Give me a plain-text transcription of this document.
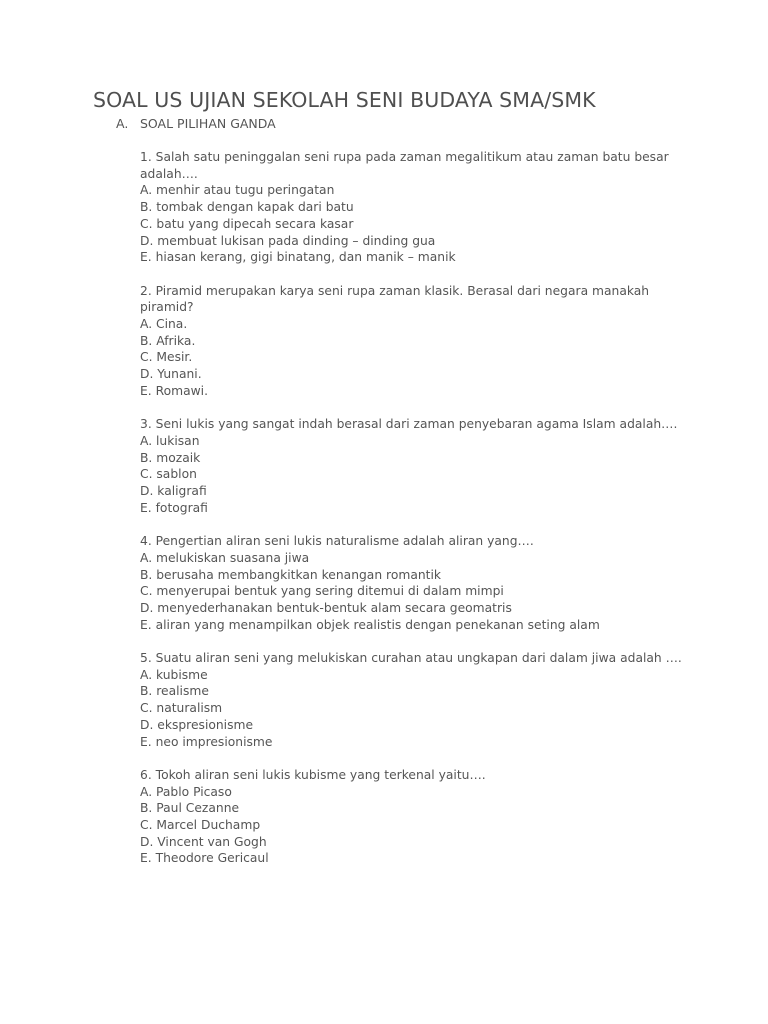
SOAL US UJIAN SEKOLAH SENI BUDAYA SMA/SMK
A. SOAL PILIHAN GANDA

1. Salah satu peninggalan seni rupa pada zaman megalitikum atau zaman batu besar adalah….

A. menhir atau tugu peringatan

B. tombak dengan kapak dari batu

C. batu yang dipecah secara kasar

D. membuat lukisan pada dinding – dinding gua

E. hiasan kerang, gigi binatang, dan manik – manik

2. Piramid merupakan karya seni rupa zaman klasik. Berasal dari negara manakah piramid?

A. Cina.

B. Afrika.

C. Mesir.

D. Yunani.

E. Romawi.

3. Seni lukis yang sangat indah berasal dari zaman penyebaran agama Islam adalah….

A. lukisan

B. mozaik

C. sablon

D. kaligrafi

E. fotografi

4. Pengertian aliran seni lukis naturalisme adalah aliran yang….

A. melukiskan suasana jiwa

B. berusaha membangkitkan kenangan romantik

C. menyerupai bentuk yang sering ditemui di dalam mimpi

D. menyederhanakan bentuk-bentuk alam secara geomatris

E. aliran yang menampilkan objek realistis dengan penekanan seting alam

5. Suatu aliran seni yang melukiskan curahan atau ungkapan dari dalam jiwa adalah ….

A. kubisme

B. realisme

C. naturalism

D. ekspresionisme

E. neo impresionisme

6. Tokoh aliran seni lukis kubisme yang terkenal yaitu….

A. Pablo Picaso

B. Paul Cezanne

C. Marcel Duchamp

D. Vincent van Gogh

E. Theodore Gericaul
